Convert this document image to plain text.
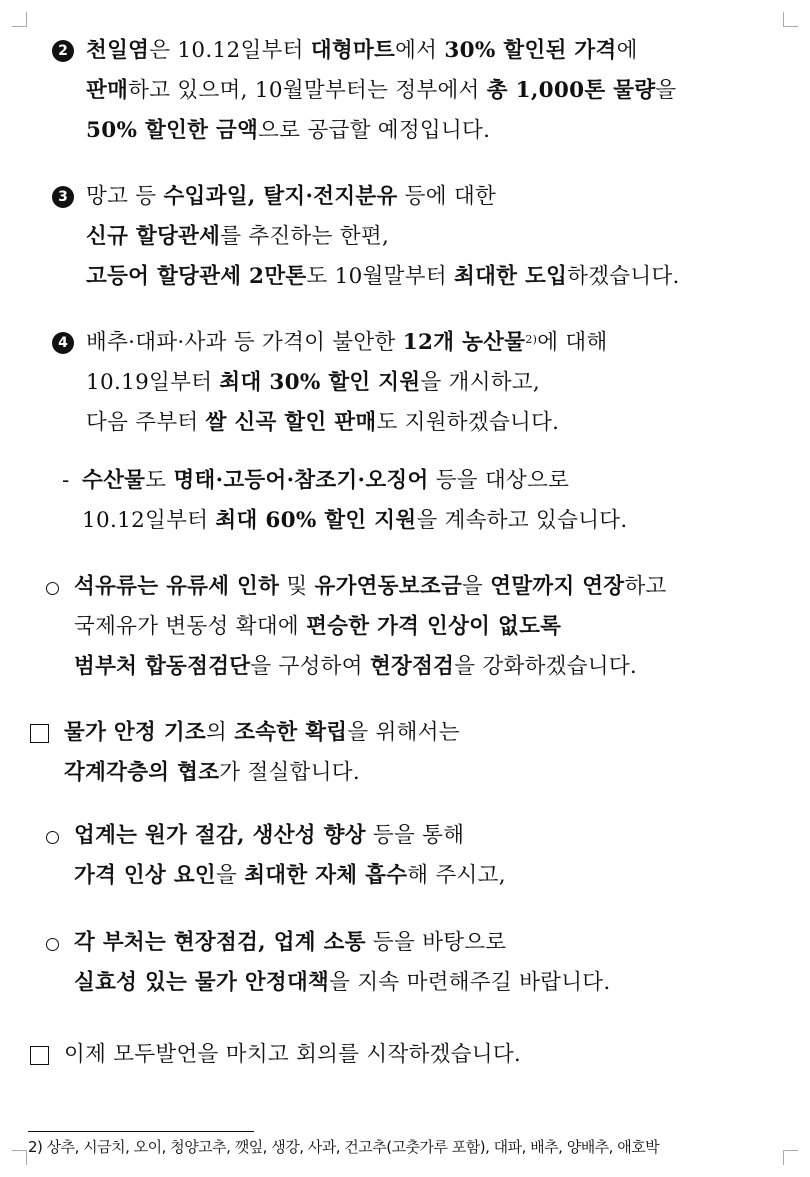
2 천일염은 10.12일부터 대형마트에서 30% 할인된 가격에
판매하고 있으며, 10월말부터는 정부에서 총 1,000톤 물량을
50% 할인한 금액으로 공급할 예정입니다.
3 망고 등 수입과일, 탈지·전지분유 등에 대한
신규 할당관세를 추진하는 한편,
고등어 할당관세 2만톤도 10월말부터 최대한 도입하겠습니다.
4 배추·대파·사과 등 가격이 불안한 12개 농산물$^{2)}$에 대해
10.19일부터 최대 30% 할인 지원을 개시하고,
다음 주부터 쌀 신곡 할인 판매도 지원하겠습니다.
- 수산물도 명태·고등어·참조기·오징어 등을 대상으로
10.12일부터 최대 60% 할인 지원을 계속하고 있습니다.
석유류는 유류세 인하 및 유가연동보조금을 연말까지 연장하고
국제유가 변동성 확대에 편승한 가격 인상이 없도록
범부처 합동점검단을 구성하여 현장점검을 강화하겠습니다.
물가 안정 기조의 조속한 확립을 위해서는
각계각층의 협조가 절실합니다.
업계는 원가 절감, 생산성 향상 등을 통해
가격 인상 요인을 최대한 자체 흡수해 주시고,
각 부처는 현장점검, 업계 소통 등을 바탕으로
실효성 있는 물가 안정대책을 지속 마련해주길 바랍니다.
이제 모두발언을 마치고 회의를 시작하겠습니다.
2) 상추, 시금치, 오이, 청양고추, 깻잎, 생강, 사과, 건고추(고춧가루 포함), 대파, 배추, 양배추, 애호박
